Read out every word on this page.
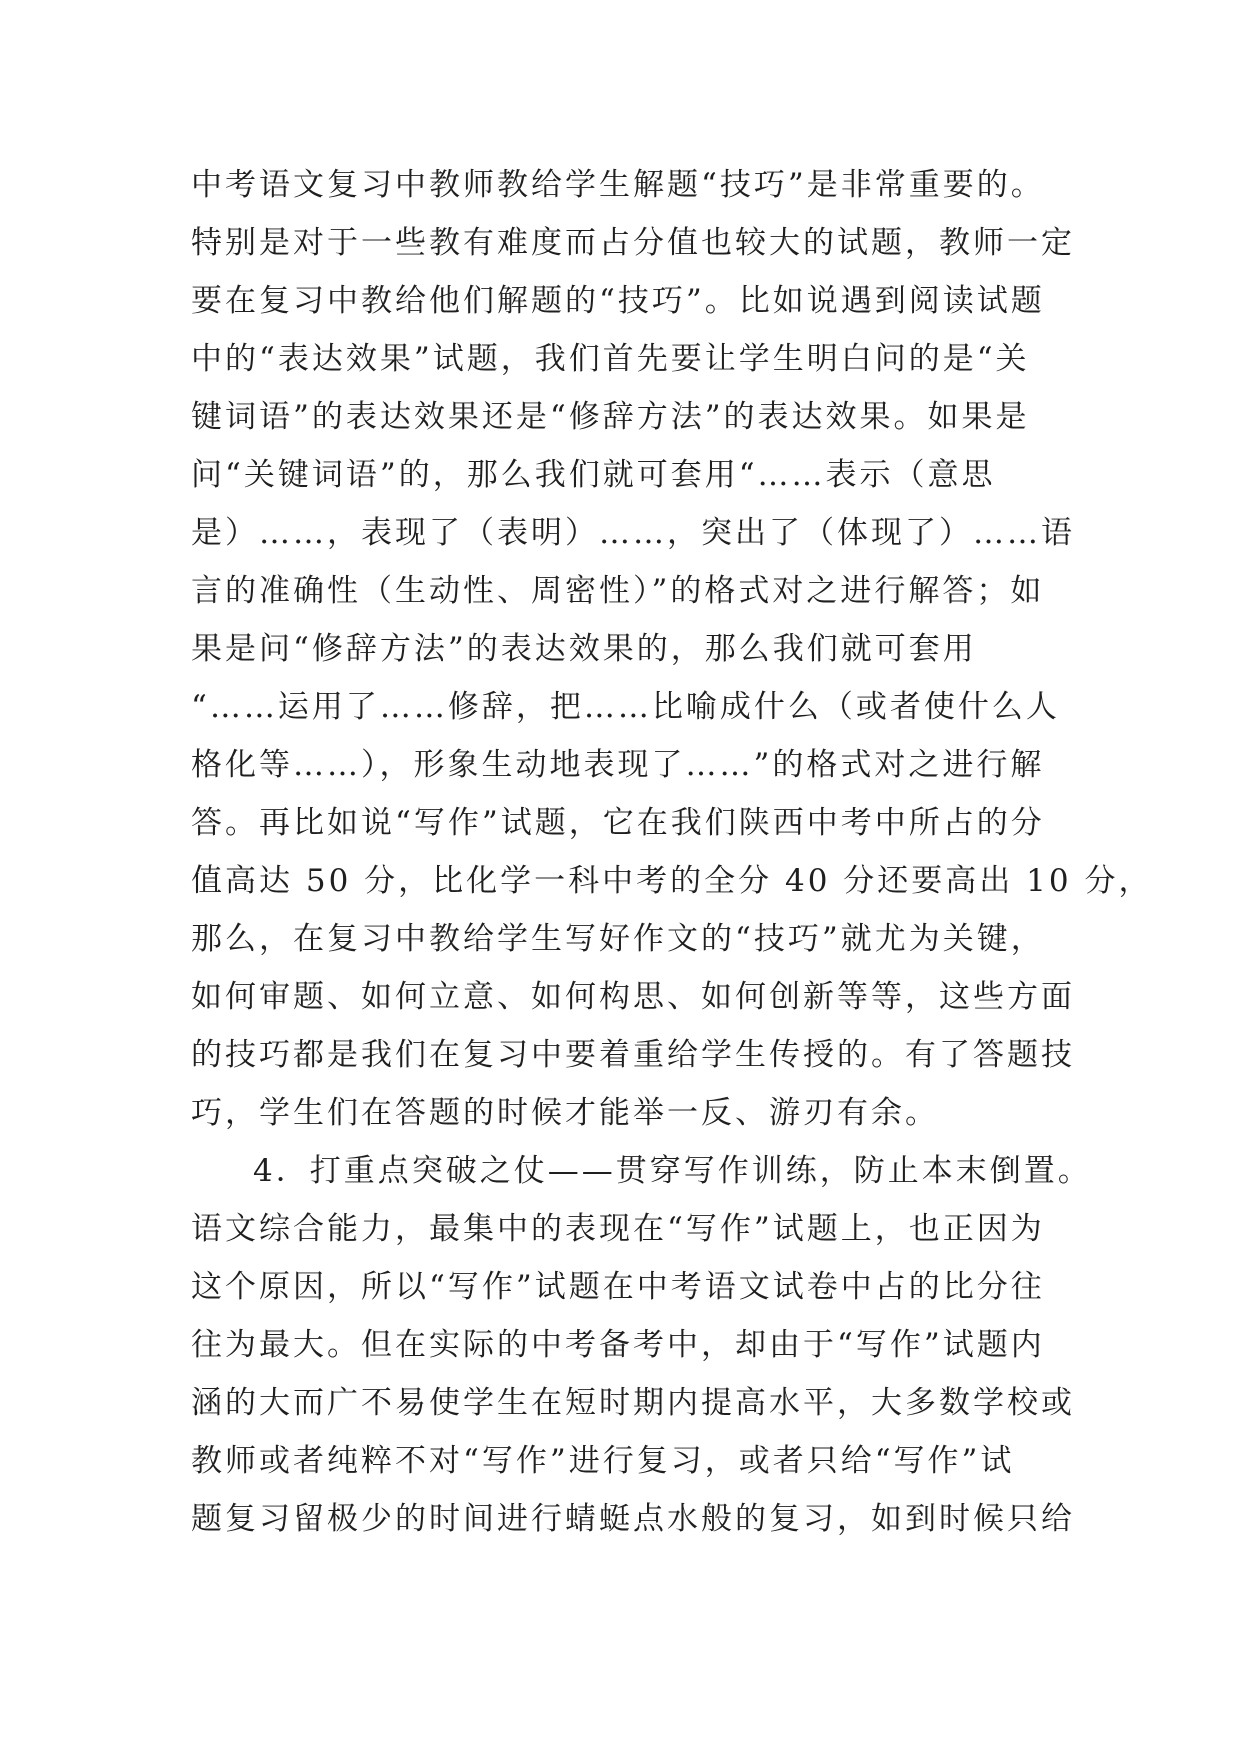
中考语文复习中教师教给学生解题“技巧”是非常重要的。
特别是对于一些教有难度而占分值也较大的试题，教师一定
要在复习中教给他们解题的“技巧”。比如说遇到阅读试题
中的“表达效果”试题，我们首先要让学生明白问的是“关
键词语”的表达效果还是“修辞方法”的表达效果。如果是
问“关键词语”的，那么我们就可套用“……表示（意思
是）……，表现了（表明）……，突出了（体现了）……语
言的准确性（生动性、周密性）”的格式对之进行解答；如
果是问“修辞方法”的表达效果的，那么我们就可套用
“……运用了……修辞，把……比喻成什么（或者使什么人
格化等……），形象生动地表现了……”的格式对之进行解
答。再比如说“写作”试题，它在我们陕西中考中所占的分
值高达 50 分，比化学一科中考的全分 40 分还要高出 10 分，
那么，在复习中教给学生写好作文的“技巧”就尤为关键，
如何审题、如何立意、如何构思、如何创新等等，这些方面
的技巧都是我们在复习中要着重给学生传授的。有了答题技
巧，学生们在答题的时候才能举一反、游刃有余。
4．打重点突破之仗——贯穿写作训练，防止本末倒置。
语文综合能力，最集中的表现在“写作”试题上，也正因为
这个原因，所以“写作”试题在中考语文试卷中占的比分往
往为最大。但在实际的中考备考中，却由于“写作”试题内
涵的大而广不易使学生在短时期内提高水平，大多数学校或
教师或者纯粹不对“写作”进行复习，或者只给“写作”试
题复习留极少的时间进行蜻蜓点水般的复习，如到时候只给
